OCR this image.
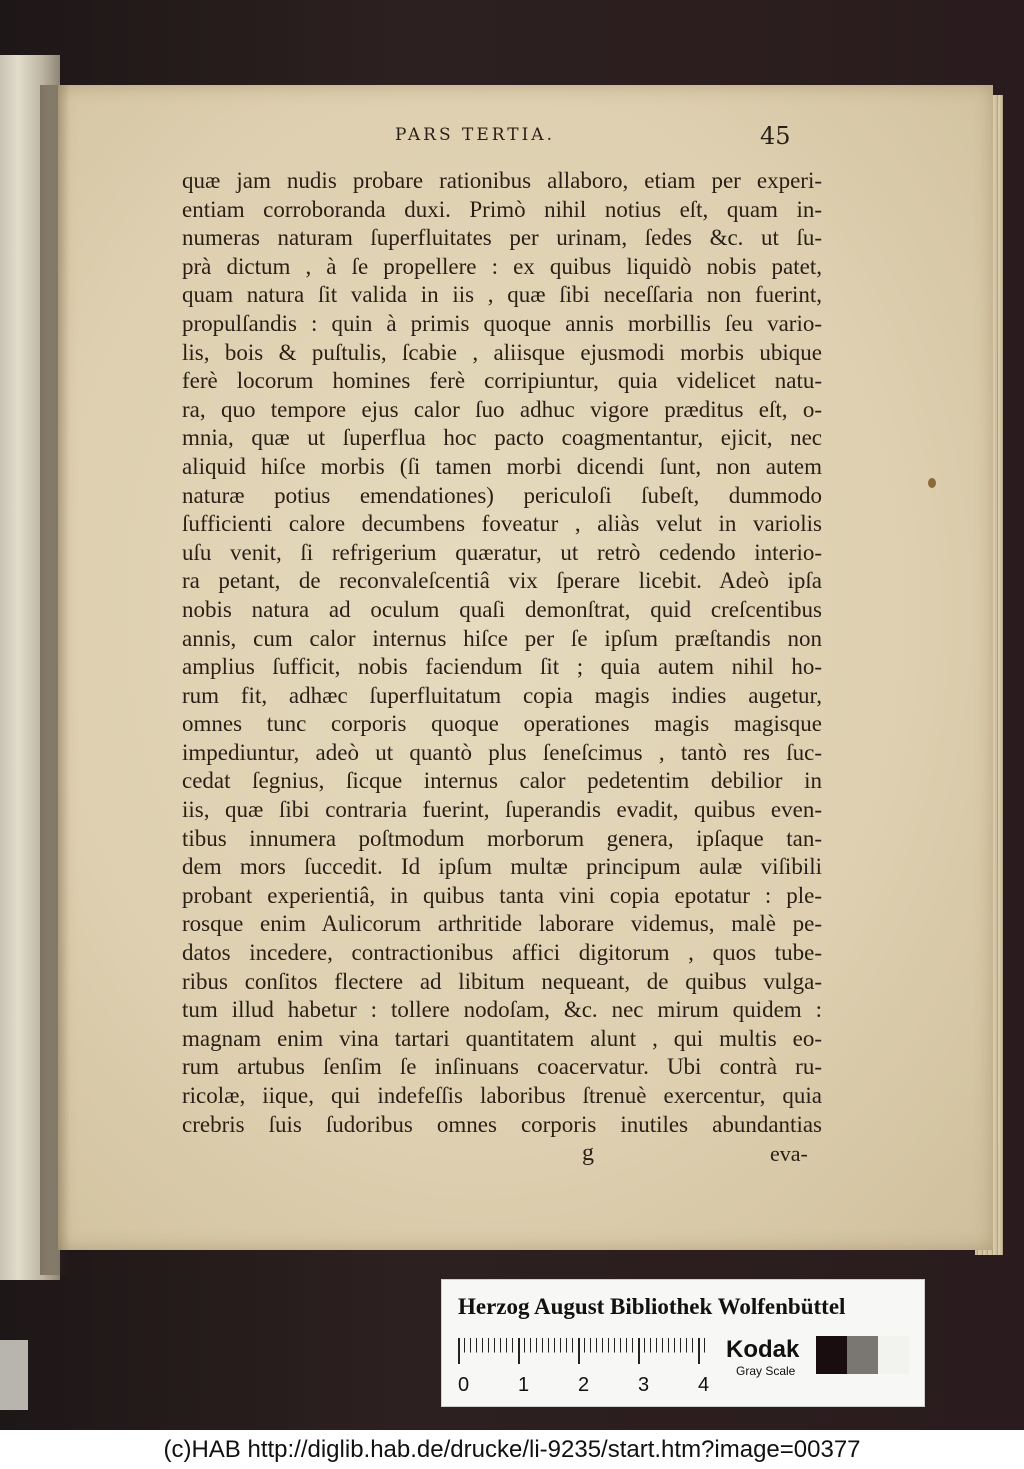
PARS TERTIA.	45
quæ jam nudis probare rationibus allaboro, etiam per experi-
entiam corroboranda duxi. Primò nihil notius eſt, quam in-
numeras naturam ſuperfluitates per urinam, ſedes &c. ut ſu-
prà dictum , à ſe propellere : ex quibus liquidò nobis patet,
quam natura ſit valida in iis , quæ ſibi neceſſaria non fuerint,
propulſandis : quin à primis quoque annis morbillis ſeu vario-
lis, bois & puſtulis, ſcabie , aliisque ejusmodi morbis ubique
ferè locorum homines ferè corripiuntur, quia videlicet natu-
ra, quo tempore ejus calor ſuo adhuc vigore præditus eſt, o-
mnia, quæ ut ſuperflua hoc pacto coagmentantur, ejicit, nec
aliquid hiſce morbis (ſi tamen morbi dicendi ſunt, non autem
naturæ potius emendationes) periculoſi ſubeſt, dummodo
ſufficienti calore decumbens foveatur , aliàs velut in variolis
uſu venit, ſi refrigerium quæratur, ut retrò cedendo interio-
ra petant, de reconvaleſcentiâ vix ſperare licebit. Adeò ipſa
nobis natura ad oculum quaſi demonſtrat, quid creſcentibus
annis, cum calor internus hiſce per ſe ipſum præſtandis non
amplius ſufficit, nobis faciendum ſit ; quia autem nihil ho-
rum fit, adhæc ſuperfluitatum copia magis indies augetur,
omnes tunc corporis quoque operationes magis magisque
impediuntur, adeò ut quantò plus ſeneſcimus , tantò res ſuc-
cedat ſegnius, ſicque internus calor pedetentim debilior in
iis, quæ ſibi contraria fuerint, ſuperandis evadit, quibus even-
tibus innumera poſtmodum morborum genera, ipſaque tan-
dem mors ſuccedit. Id ipſum multæ principum aulæ viſibili
probant experientiâ, in quibus tanta vini copia epotatur : ple-
rosque enim Aulicorum arthritide laborare videmus, malè pe-
datos incedere, contractionibus affici digitorum , quos tube-
ribus conſitos flectere ad libitum nequeant, de quibus vulga-
tum illud habetur : tollere nodoſam, &c. nec mirum quidem :
magnam enim vina tartari quantitatem alunt , qui multis eo-
rum artubus ſenſim ſe inſinuans coacervatur. Ubi contrà ru-
ricolæ, iique, qui indefeſſis laboribus ſtrenuè exercentur, quia
crebris ſuis ſudoribus omnes corporis inutiles abundantias
g	eva-
Herzog August Bibliothek Wolfenbüttel
0 1 2 3 4
Kodak
Gray Scale
(c)HAB http://diglib.hab.de/drucke/li-9235/start.htm?image=00377
